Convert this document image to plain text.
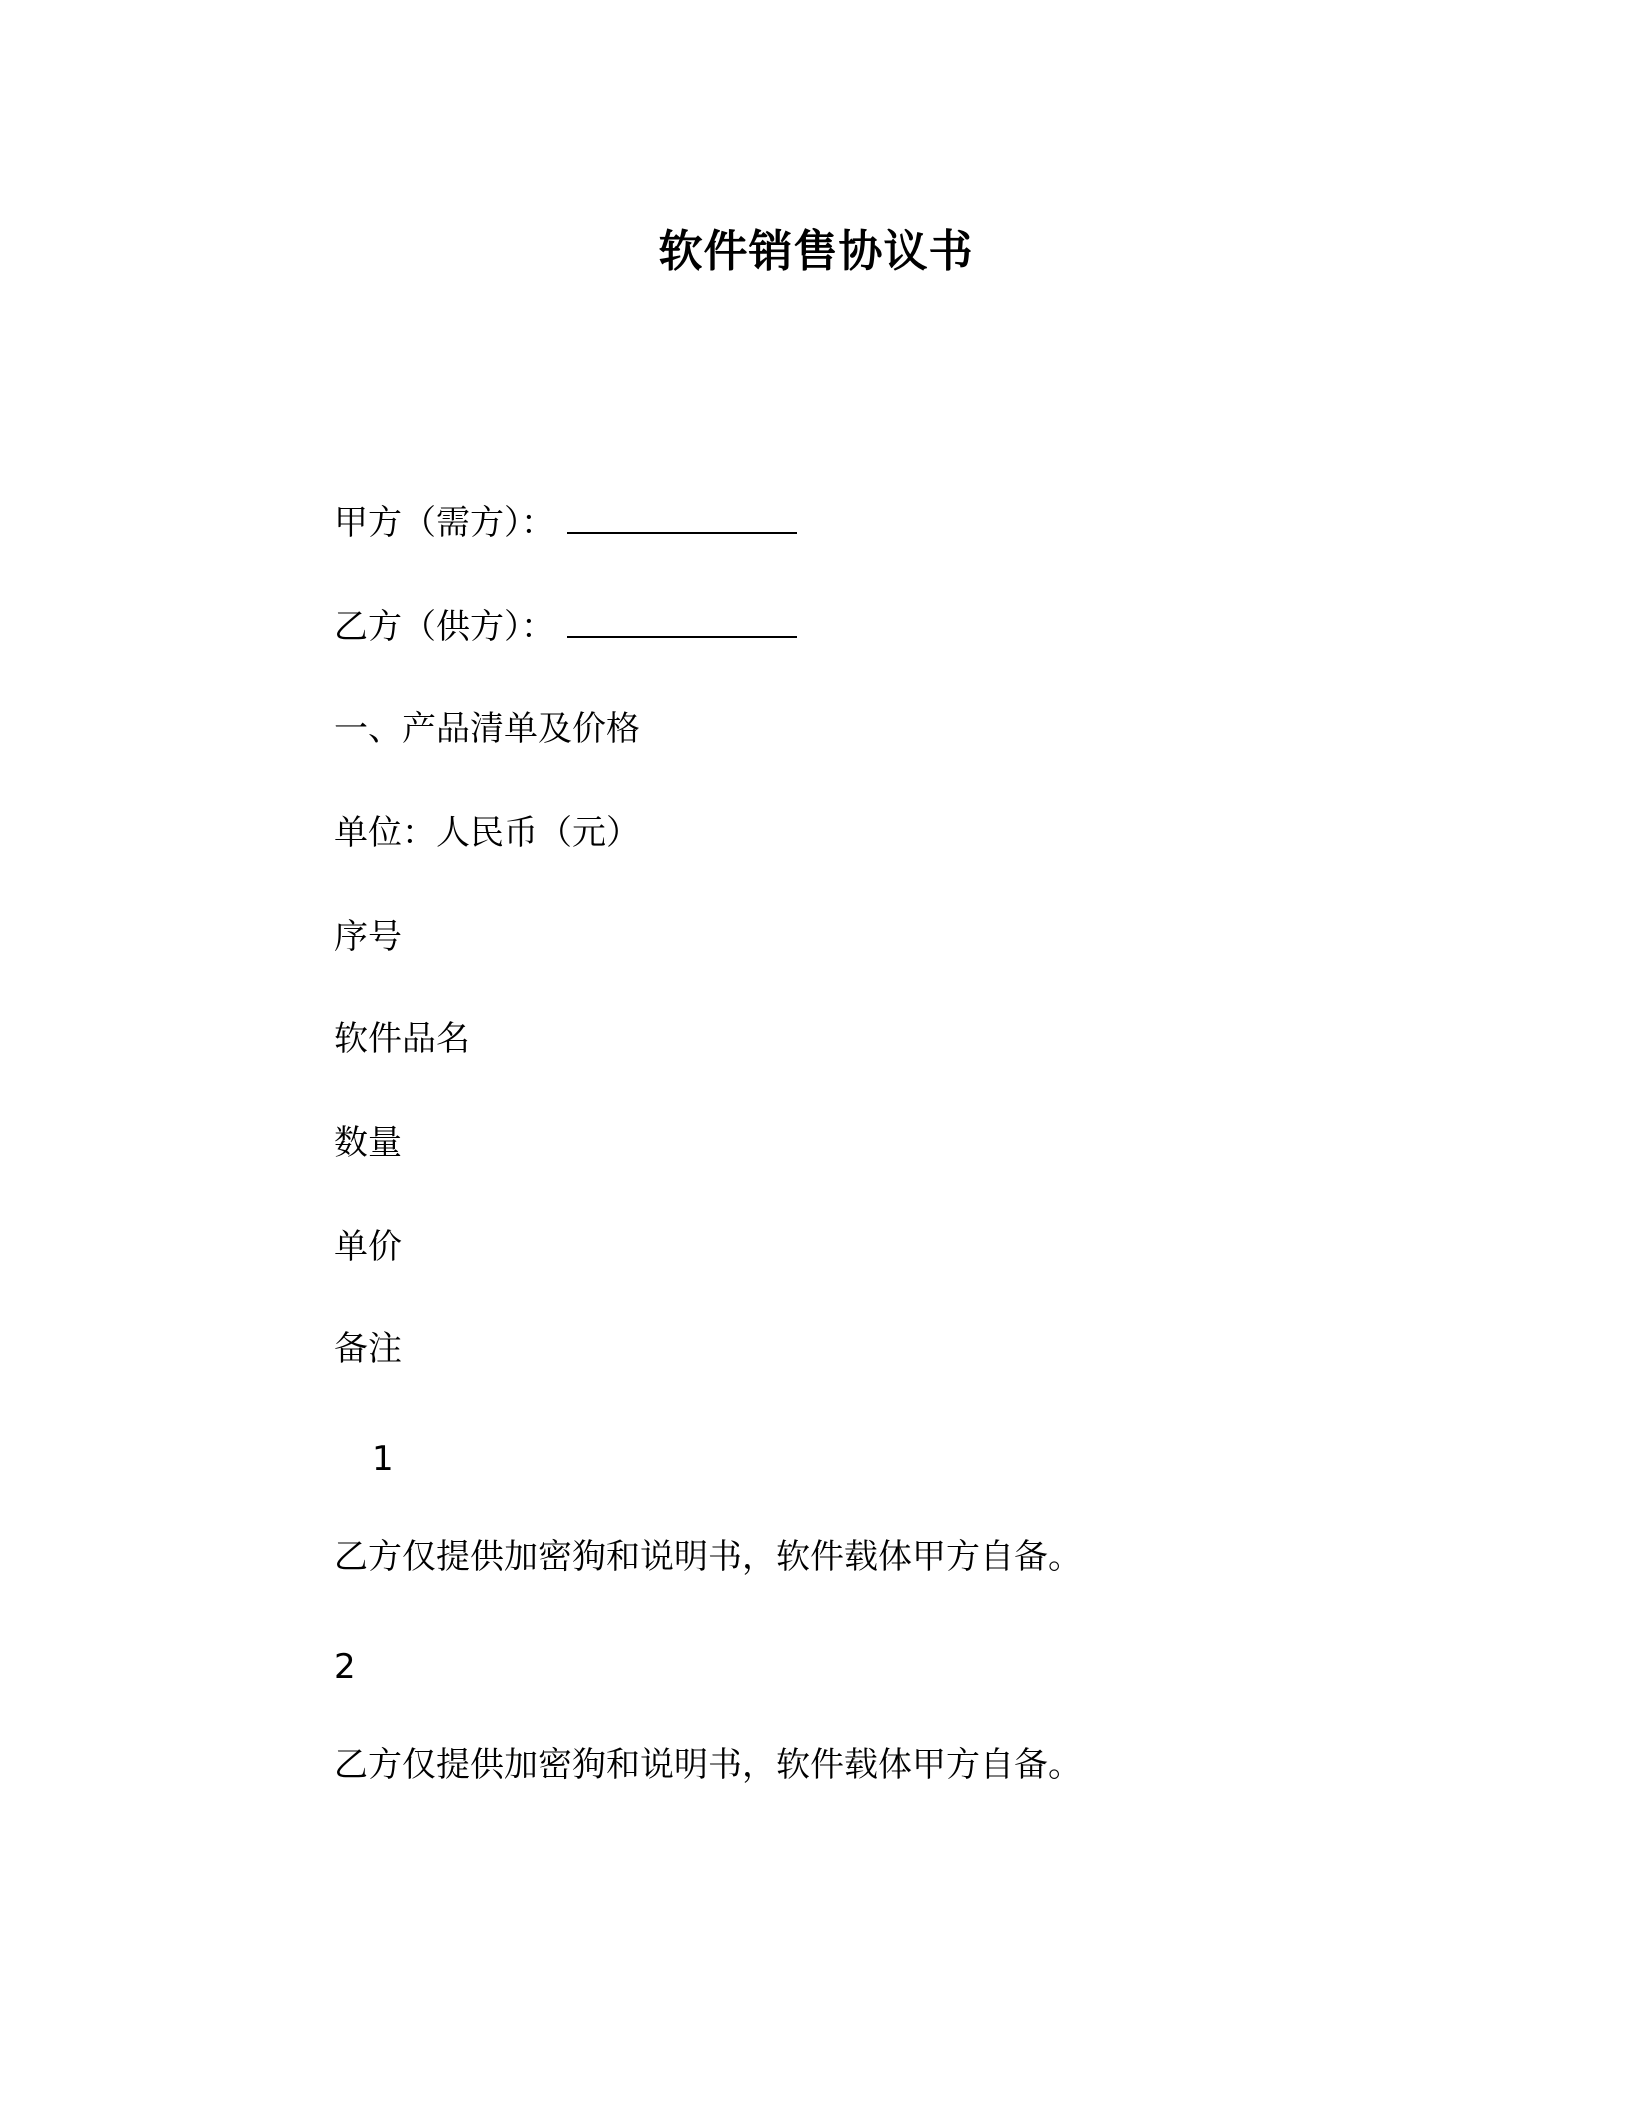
软件销售协议书
甲方（需方）：
乙方（供方）：
一、产品清单及价格
单位：人民币（元）
序号
软件品名
数量
单价
备注
1
乙方仅提供加密狗和说明书，软件载体甲方自备。
2
乙方仅提供加密狗和说明书，软件载体甲方自备。
